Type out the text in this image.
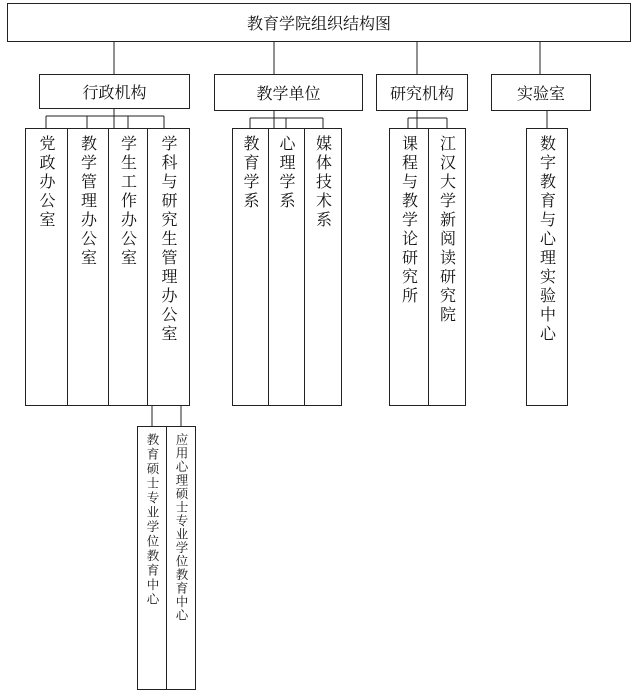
教育学院组织结构图
行政机构	教学单位	研究机构	实验室
党政办公室 教学管理办公室 学生工作办公室 学科与研究生管理办公室
教育硕士专业学位教育中心 应用心理硕士专业学位教育中心
教育学系 心理学系 媒体技术系	课程与教学论研究所 江汉大学新阅读研究院	数字教育与心理实验中心
